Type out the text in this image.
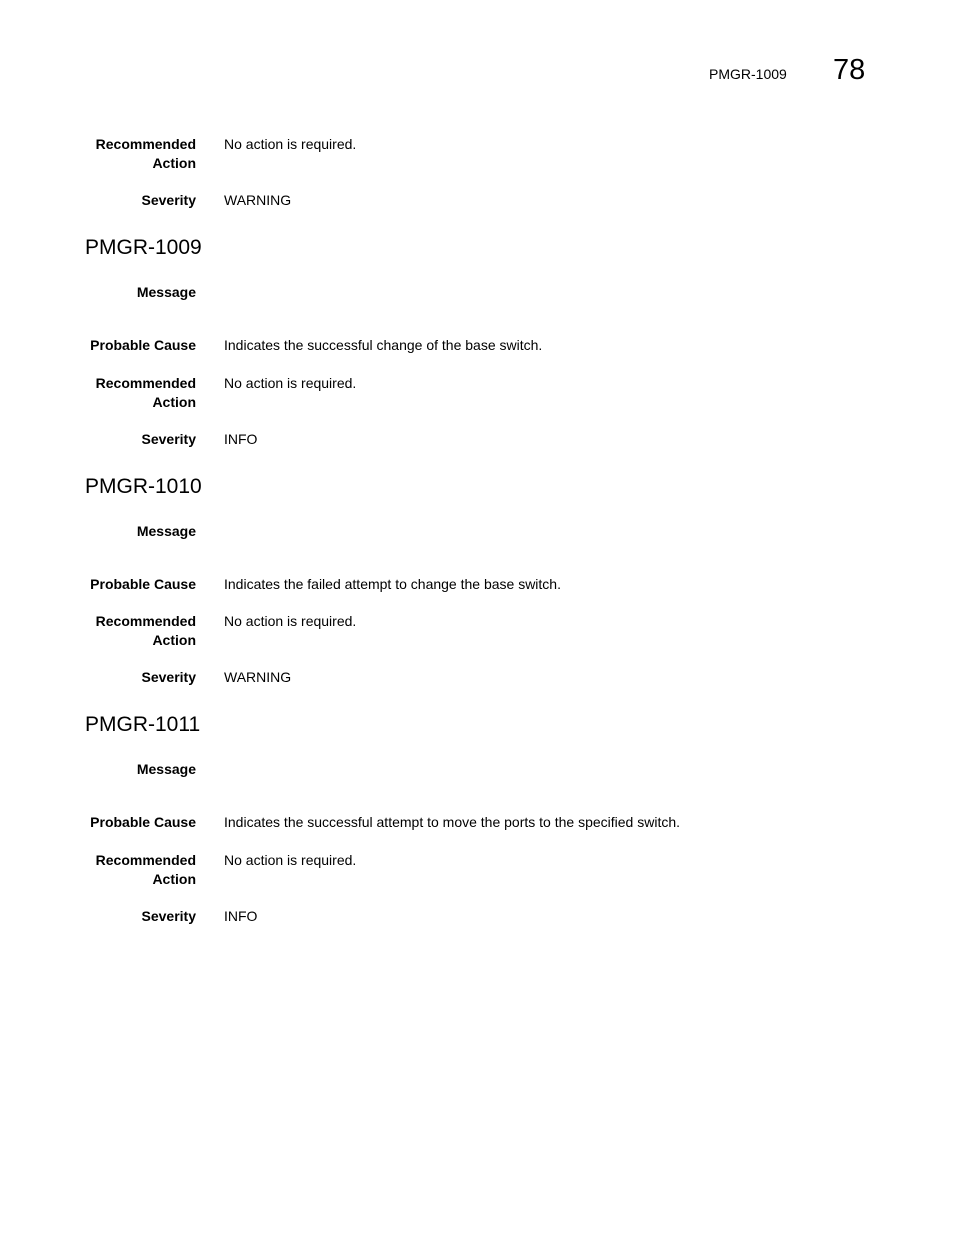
PMGR-1009 78
Recommended
Action
No action is required.
Severity WARNING
PMGR-1009
Message
Probable Cause Indicates the successful change of the base switch.
Recommended
Action
No action is required.
Severity INFO
PMGR-1010
Message
Probable Cause Indicates the failed attempt to change the base switch.
Recommended
Action
No action is required.
Severity WARNING
PMGR-1011
Message
Probable Cause Indicates the successful attempt to move the ports to the specified switch.
Recommended
Action
No action is required.
Severity INFO
